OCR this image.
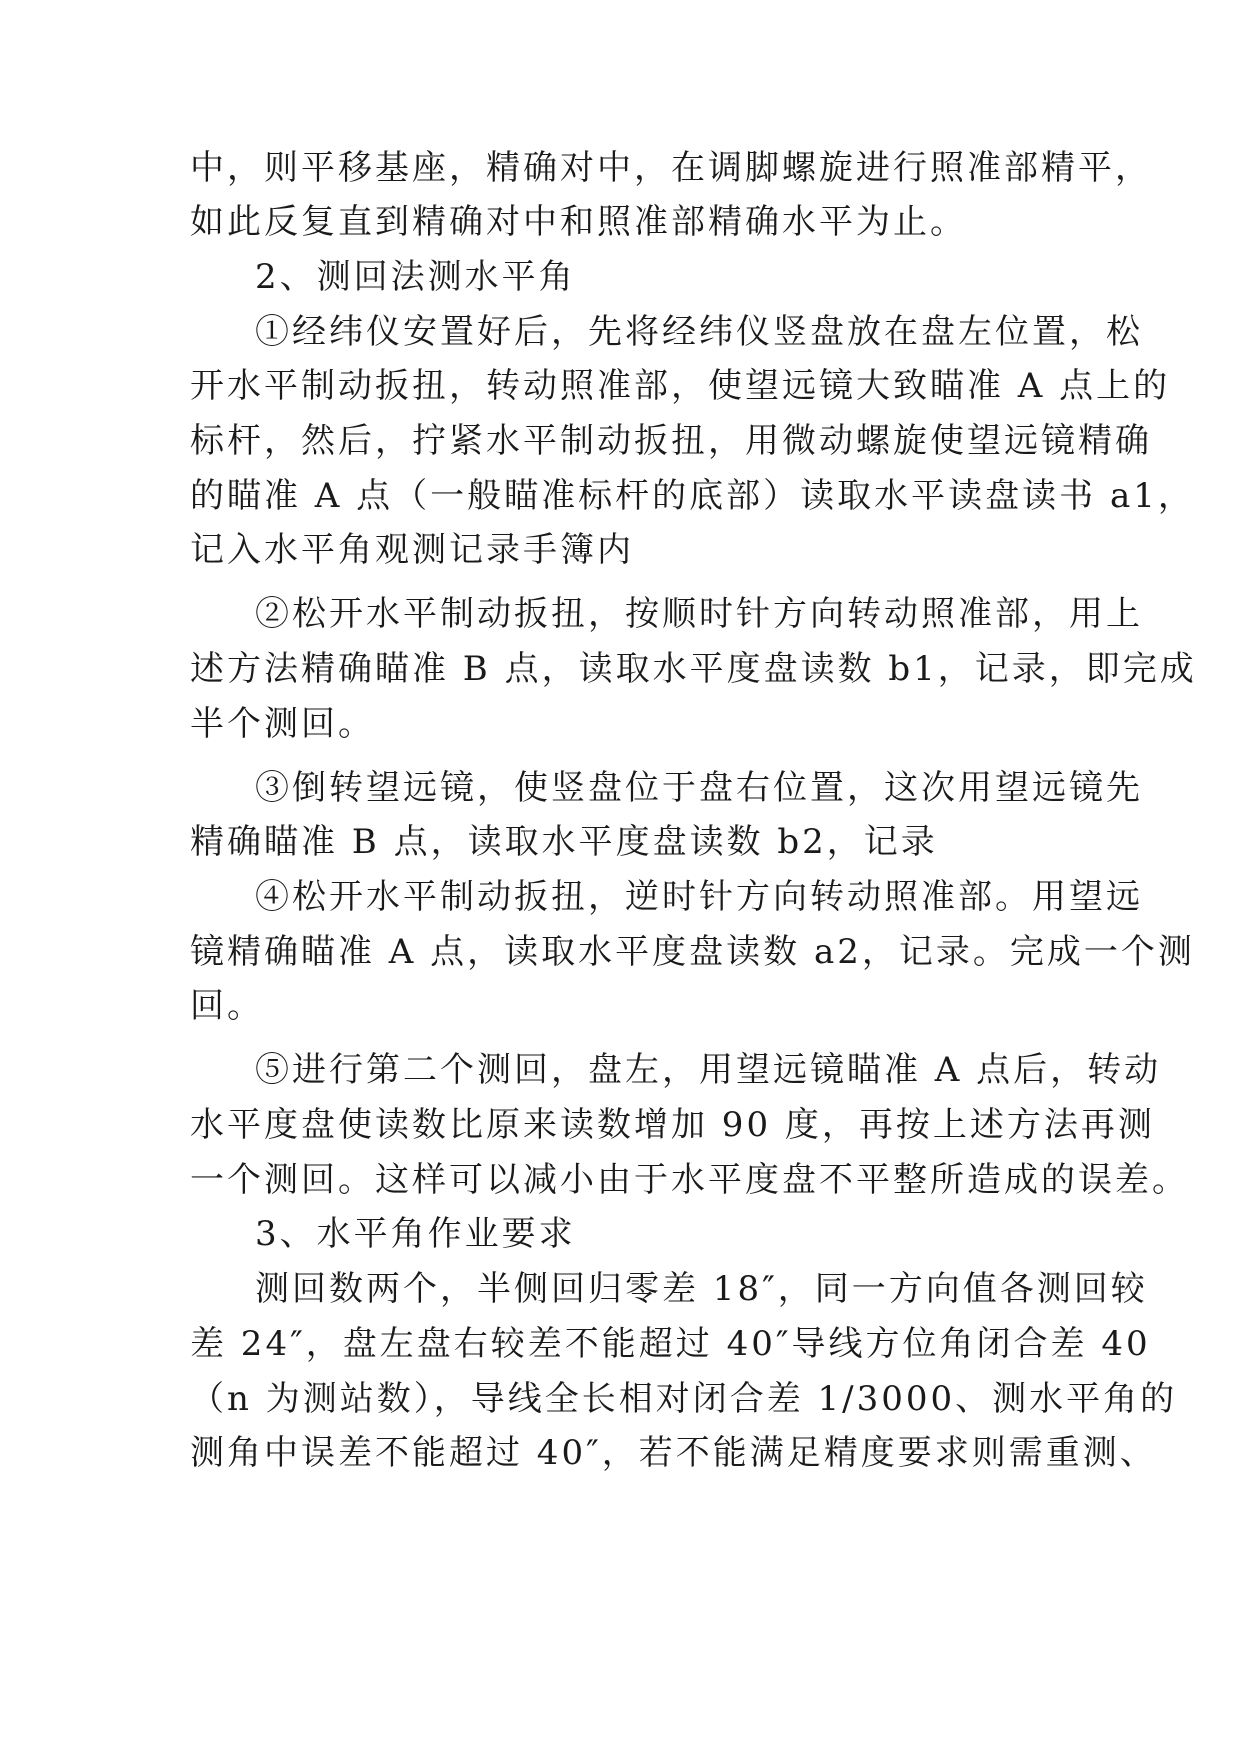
中，则平移基座，精确对中，在调脚螺旋进行照准部精平，

如此反复直到精确对中和照准部精确水平为止。

2、测回法测水平角

①经纬仪安置好后，先将经纬仪竖盘放在盘左位置，松

开水平制动扳扭，转动照准部，使望远镜大致瞄准 A 点上的

标杆，然后，拧紧水平制动扳扭，用微动螺旋使望远镜精确

的瞄准 A 点（一般瞄准标杆的底部）读取水平读盘读书 a1，

记入水平角观测记录手簿内

②松开水平制动扳扭，按顺时针方向转动照准部，用上

述方法精确瞄准 B 点，读取水平度盘读数 b1，记录，即完成

半个测回。

③倒转望远镜，使竖盘位于盘右位置，这次用望远镜先

精确瞄准 B 点，读取水平度盘读数 b2，记录

④松开水平制动扳扭，逆时针方向转动照准部。用望远

镜精确瞄准 A 点，读取水平度盘读数 a2，记录。完成一个测

回。

⑤进行第二个测回，盘左，用望远镜瞄准 A 点后，转动

水平度盘使读数比原来读数增加 90 度，再按上述方法再测

一个测回。这样可以减小由于水平度盘不平整所造成的误差。

3、水平角作业要求

测回数两个，半侧回归零差 18″，同一方向值各测回较

差 24″，盘左盘右较差不能超过 40″导线方位角闭合差 40

（n 为测站数），导线全长相对闭合差 1/3000、测水平角的

测角中误差不能超过 40″，若不能满足精度要求则需重测、
